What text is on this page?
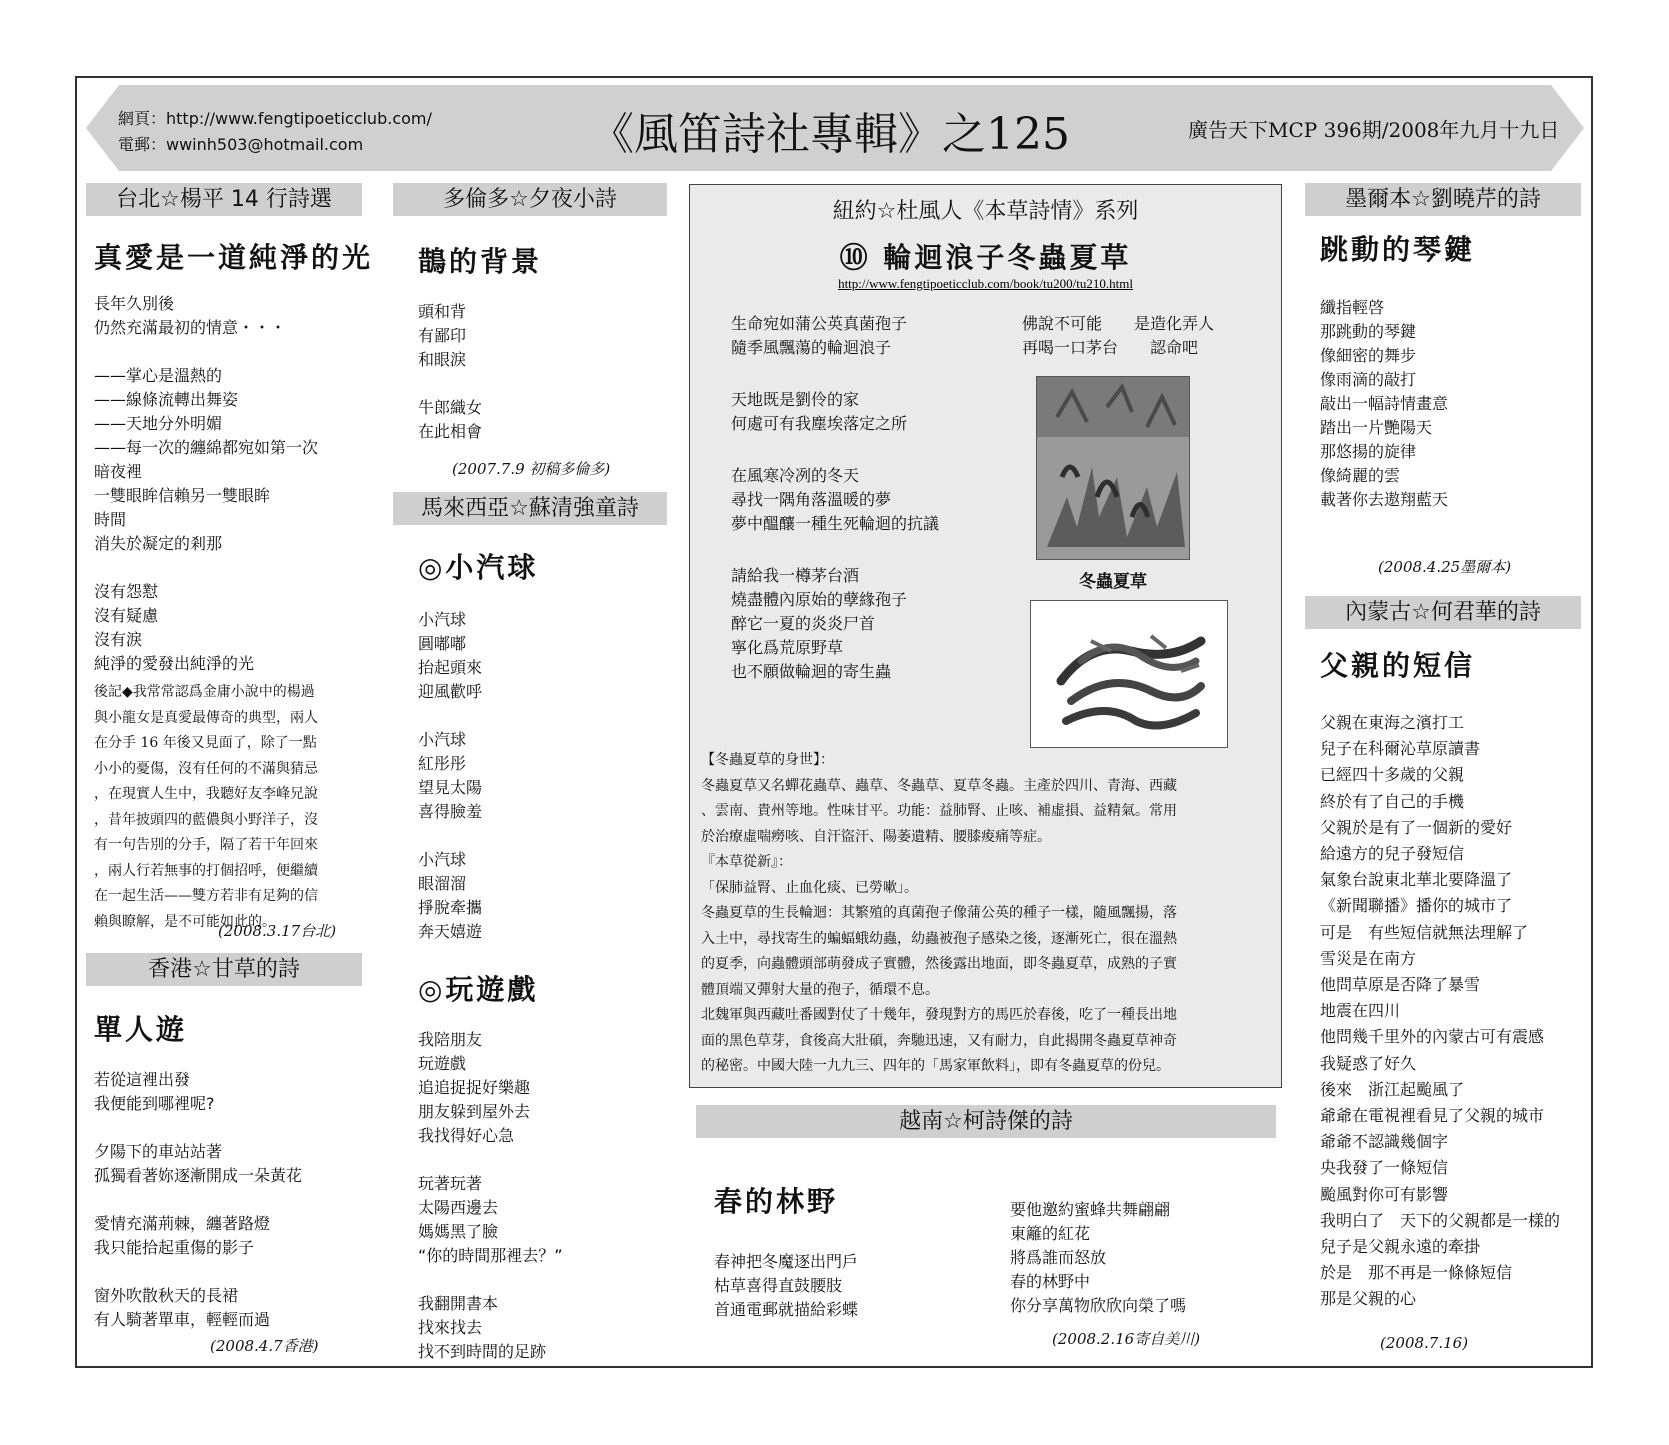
網頁：http://www.fengtipoeticclub.com/
電郵：wwinh503@hotmail.com	《風笛詩社專輯》之125	廣告天下MCP 396期/2008年九月十九日
台北☆楊平 14 行詩選
真愛是一道純淨的光
長年久別後
仍然充滿最初的情意・・・
——掌心是溫熱的
——線條流轉出舞姿
——天地分外明媚
——每一次的纏綿都宛如第一次
暗夜裡
一雙眼眸信賴另一雙眼眸
時間
消失於凝定的剎那
沒有怨懟
沒有疑慮
沒有淚
純淨的愛發出純淨的光
後記◆我常常認爲金庸小說中的楊過
與小龍女是真愛最傳奇的典型，兩人
在分手 16 年後又見面了，除了一點
小小的憂傷，沒有任何的不滿與猜忌
，在現實人生中，我聽好友李峰兄說
，昔年披頭四的藍儂與小野洋子，沒
有一句告別的分手，隔了若干年回來
，兩人行若無事的打個招呼，便繼續
在一起生活——雙方若非有足夠的信
賴與瞭解，是不可能如此的。
(2008.3.17台北)
香港☆甘草的詩
單人遊
若從這裡出發
我便能到哪裡呢?
夕陽下的車站站著
孤獨看著妳逐漸開成一朵黃花
愛情充滿荊棘，纏著路燈
我只能拾起重傷的影子
窗外吹散秋天的長裙
有人騎著單車，輕輕而過
(2008.4.7香港)
多倫多☆夕夜小詩
鵲的背景
頭和背
有鄙印
和眼淚
牛郎織女
在此相會
(2007.7.9 初稿多倫多)
馬來西亞☆蘇清強童詩
◎小汽球
小汽球
圓嘟嘟
抬起頭來
迎風歡呼
小汽球
紅彤彤
望見太陽
喜得臉羞
小汽球
眼溜溜
掙脫牽攜
奔天嬉遊
◎玩遊戲
我陪朋友
玩遊戲
追追捉捉好樂趣
朋友躲到屋外去
我找得好心急
玩著玩著
太陽西邊去
媽媽黑了臉
“你的時間那裡去？”
我翻開書本
找來找去
找不到時間的足跡
紐約☆杜風人《本草詩情》系列
⑩ 輪迴浪子冬蟲夏草
http://www.fengtipoeticclub.com/book/tu200/tu210.html
生命宛如蒲公英真菌孢子
隨季風飄蕩的輪迴浪子
天地既是劉伶的家
何處可有我塵埃落定之所
在風寒冷冽的冬天
尋找一隅角落溫暖的夢
夢中醞釀一種生死輪迴的抗議
請給我一樽茅台酒
燒盡體內原始的孽緣孢子
醉它一夏的炎炎尸首
寧化爲荒原野草
也不願做輪迴的寄生蟲
佛說不可能　　是造化弄人
再喝一口茅台　　認命吧
冬蟲夏草
【冬蟲夏草的身世】：
冬蟲夏草又名蟬花蟲草、蟲草、冬蟲草、夏草冬蟲。主產於四川、青海、西藏
、雲南、貴州等地。性味甘平。功能：益肺腎、止咳、補虛損、益精氣。常用
於治療虛喘癆咳、自汗盜汗、陽萎遺精、腰膝痠痛等症。
『本草從新』：
「保肺益腎、止血化痰、已勞嗽」。
冬蟲夏草的生長輪迴：其繁殖的真菌孢子像蒲公英的種子一樣，隨風飄揚，落
入土中，尋找寄生的蝙蝠蛾幼蟲，幼蟲被孢子感染之後，逐漸死亡，很在溫熱
的夏季，向蟲體頭部萌發成子實體，然後露出地面，即冬蟲夏草，成熟的子實
體頂端又彈射大量的孢子，循環不息。
北魏軍與西藏吐番國對仗了十幾年，發現對方的馬匹於春後，吃了一種長出地
面的黑色草芽，食後高大壯碩，奔馳迅速，又有耐力，自此揭開冬蟲夏草神奇
的秘密。中國大陸一九九三、四年的「馬家軍飲料」，即有冬蟲夏草的份兒。
越南☆柯詩傑的詩
春的林野
春神把冬魔逐出門戶
枯草喜得直鼓腰肢
首通電郵就描給彩蝶
要他邀約蜜蜂共舞翩翩
東籬的紅花
將爲誰而怒放
春的林野中
你分享萬物欣欣向榮了嗎
(2008.2.16寄自美川)
墨爾本☆劉曉芹的詩
跳動的琴鍵
纖指輕啓
那跳動的琴鍵
像細密的舞步
像雨滴的敲打
敲出一幅詩情畫意
踏出一片艷陽天
那悠揚的旋律
像綺麗的雲
載著你去遨翔藍天
(2008.4.25墨爾本)
內蒙古☆何君華的詩
父親的短信
父親在東海之濱打工
兒子在科爾沁草原讀書
已經四十多歲的父親
終於有了自己的手機
父親於是有了一個新的愛好
給遠方的兒子發短信
氣象台說東北華北要降溫了
《新聞聯播》播你的城市了
可是　有些短信就無法理解了
雪災是在南方
他問草原是否降了暴雪
地震在四川
他問幾千里外的內蒙古可有震感
我疑惑了好久
後來　浙江起颱風了
爺爺在電視裡看見了父親的城市
爺爺不認識幾個字
央我發了一條短信
颱風對你可有影響
我明白了　天下的父親都是一樣的
兒子是父親永遠的牽掛
於是　那不再是一條條短信
那是父親的心
(2008.7.16)
